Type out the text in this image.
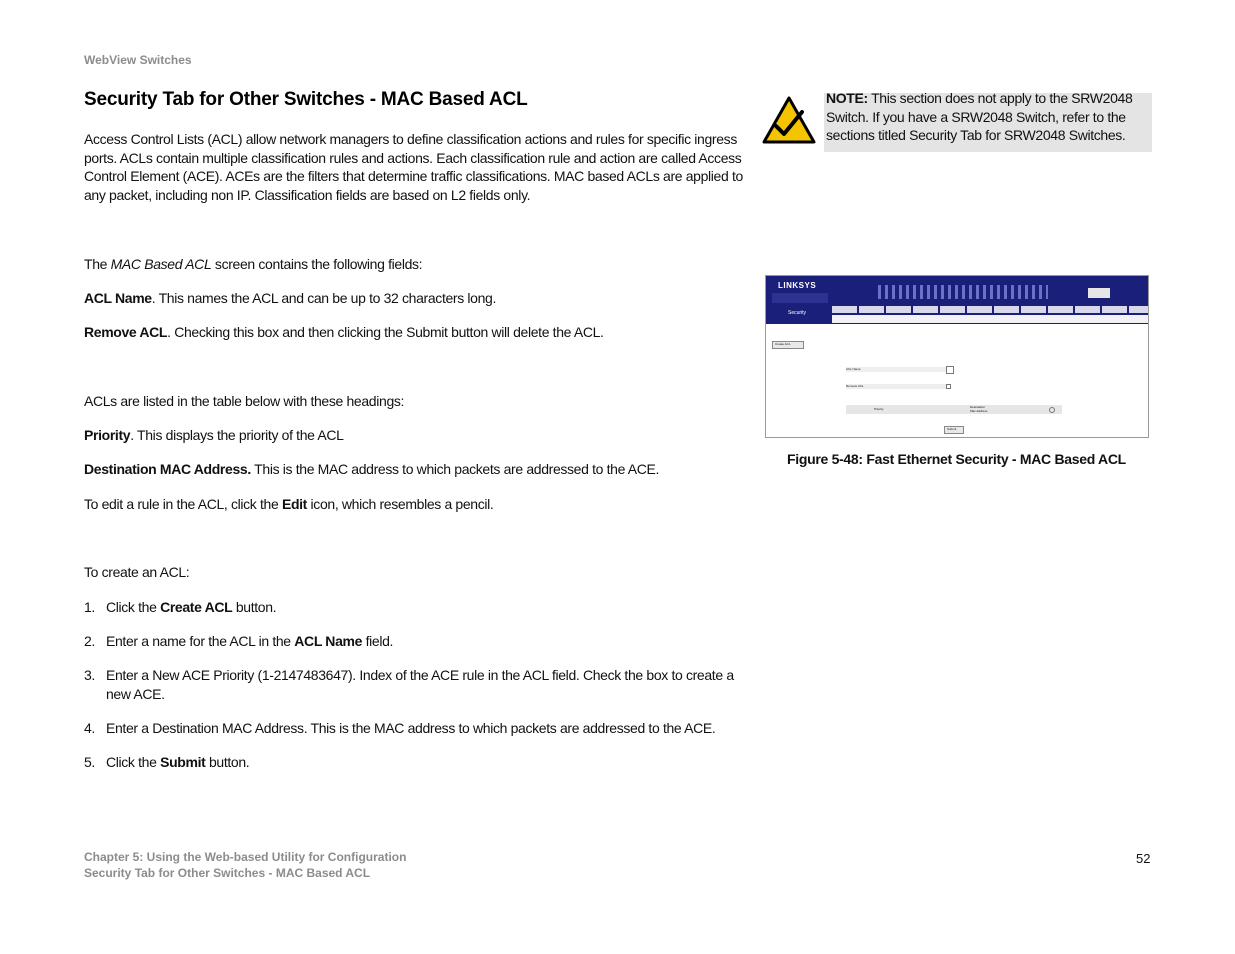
WebView Switches
Security Tab for Other Switches - MAC Based ACL
Access Control Lists (ACL) allow network managers to define classification actions and rules for specific ingress ports. ACLs contain multiple classification rules and actions. Each classification rule and action are called Access Control Element (ACE). ACEs are the filters that determine traffic classifications. MAC based ACLs are applied to any packet, including non IP. Classification fields are based on L2 fields only.
The MAC Based ACL screen contains the following fields:
ACL Name. This names the ACL and can be up to 32 characters long.
Remove ACL. Checking this box and then clicking the Submit button will delete the ACL.
ACLs are listed in the table below with these headings:
Priority. This displays the priority of the ACL
Destination MAC Address. This is the MAC address to which packets are addressed to the ACE.
To edit a rule in the ACL, click the Edit icon, which resembles a pencil.
To create an ACL:
1. Click the Create ACL button.
2. Enter a name for the ACL in the ACL Name field.
3. Enter a New ACE Priority (1-2147483647). Index of the ACE rule in the ACL field. Check the box to create a new ACE.
4. Enter a Destination MAC Address. This is the MAC address to which packets are addressed to the ACE.
5. Click the Submit button.
NOTE: This section does not apply to the SRW2048 Switch. If you have a SRW2048 Switch, refer to the sections titled Security Tab for SRW2048 Switches.
LINKSYS
Security
Create ACL
ACL Name
Remove ACL
Priority	Destination
Mac Address
Submit
Figure 5-48: Fast Ethernet Security - MAC Based ACL
Chapter 5: Using the Web-based Utility for Configuration
Security Tab for Other Switches - MAC Based ACL
52
